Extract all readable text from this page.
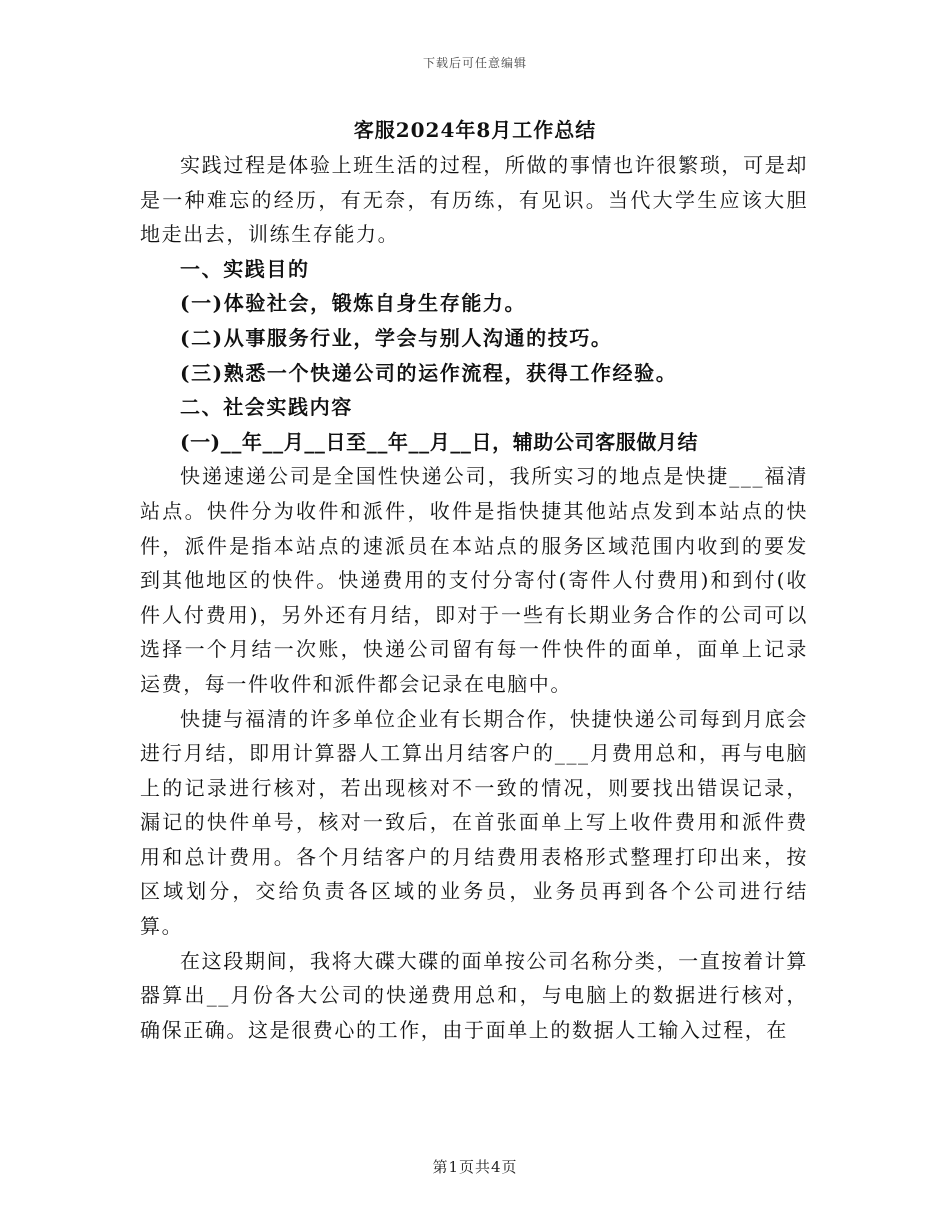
下载后可任意编辑
客服2024年8月工作总结

实践过程是体验上班生活的过程，所做的事情也许很繁琐，可是却是一种难忘的经历，有无奈，有历练，有见识。当代大学生应该大胆地走出去，训练生存能力。

一、实践目的

(一)体验社会，锻炼自身生存能力。

(二)从事服务行业，学会与别人沟通的技巧。

(三)熟悉一个快递公司的运作流程，获得工作经验。

二、社会实践内容

(一)__年__月__日至__年__月__日，辅助公司客服做月结

快递速递公司是全国性快递公司，我所实习的地点是快捷___福清站点。快件分为收件和派件，收件是指快捷其他站点发到本站点的快件，派件是指本站点的速派员在本站点的服务区域范围内收到的要发到其他地区的快件。快递费用的支付分寄付(寄件人付费用)和到付(收件人付费用)，另外还有月结，即对于一些有长期业务合作的公司可以选择一个月结一次账，快递公司留有每一件快件的面单，面单上记录运费，每一件收件和派件都会记录在电脑中。

快捷与福清的许多单位企业有长期合作，快捷快递公司每到月底会进行月结，即用计算器人工算出月结客户的___月费用总和，再与电脑上的记录进行核对，若出现核对不一致的情况，则要找出错误记录，漏记的快件单号，核对一致后，在首张面单上写上收件费用和派件费用和总计费用。各个月结客户的月结费用表格形式整理打印出来，按区域划分，交给负责各区域的业务员，业务员再到各个公司进行结算。

在这段期间，我将大碟大碟的面单按公司名称分类，一直按着计算器算出__月份各大公司的快递费用总和，与电脑上的数据进行核对，确保正确。这是很费心的工作，由于面单上的数据人工输入过程，在

第1页共4页
